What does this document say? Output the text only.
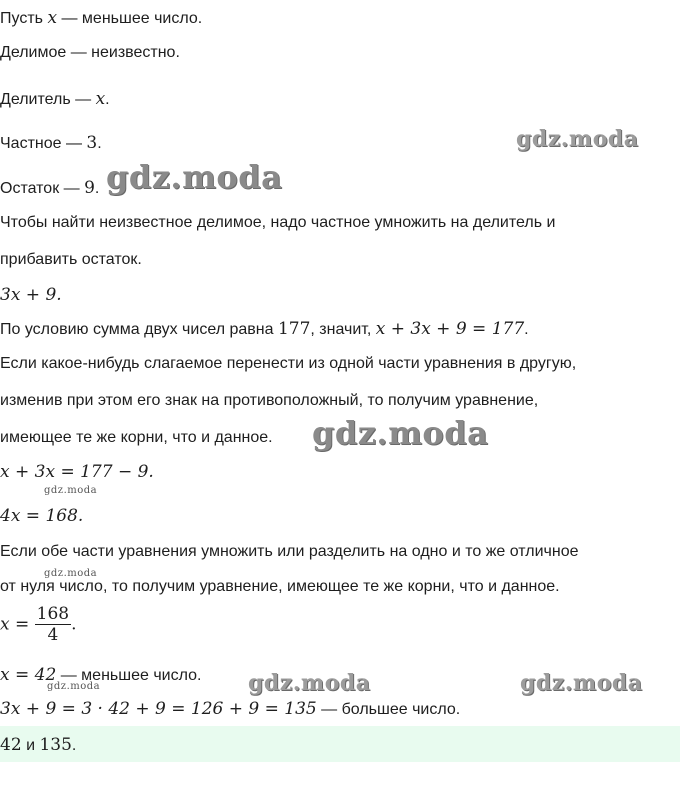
Пусть x — меньшее число.
Делимое — неизвестно.
Делитель — x.
Частное — 3.
Остаток — 9.
Чтобы найти неизвестное делимое, надо частное умножить на делитель и
прибавить остаток.
3x + 9.
По условию сумма двух чисел равна 177, значит, x + 3x + 9 = 177.
Если какое-нибудь слагаемое перенести из одной части уравнения в другую,
изменив при этом его знак на противоположный, то получим уравнение,
имеющее те же корни, что и данное.
x + 3x = 177 − 9.
4x = 168.
Если обе части уравнения умножить или разделить на одно и то же отличное
от нуля число, то получим уравнение, имеющее те же корни, что и данное.
$x = \frac{168}{4}$ .
x = 42 — меньшее число.
3x + 9 = 3 · 42 + 9 = 126 + 9 = 135 — большее число.
42 и 135.
gdz.moda
gdz.moda
gdz.moda
gdz.moda
gdz.moda
gdz.moda	gdz.moda
gdz.moda
